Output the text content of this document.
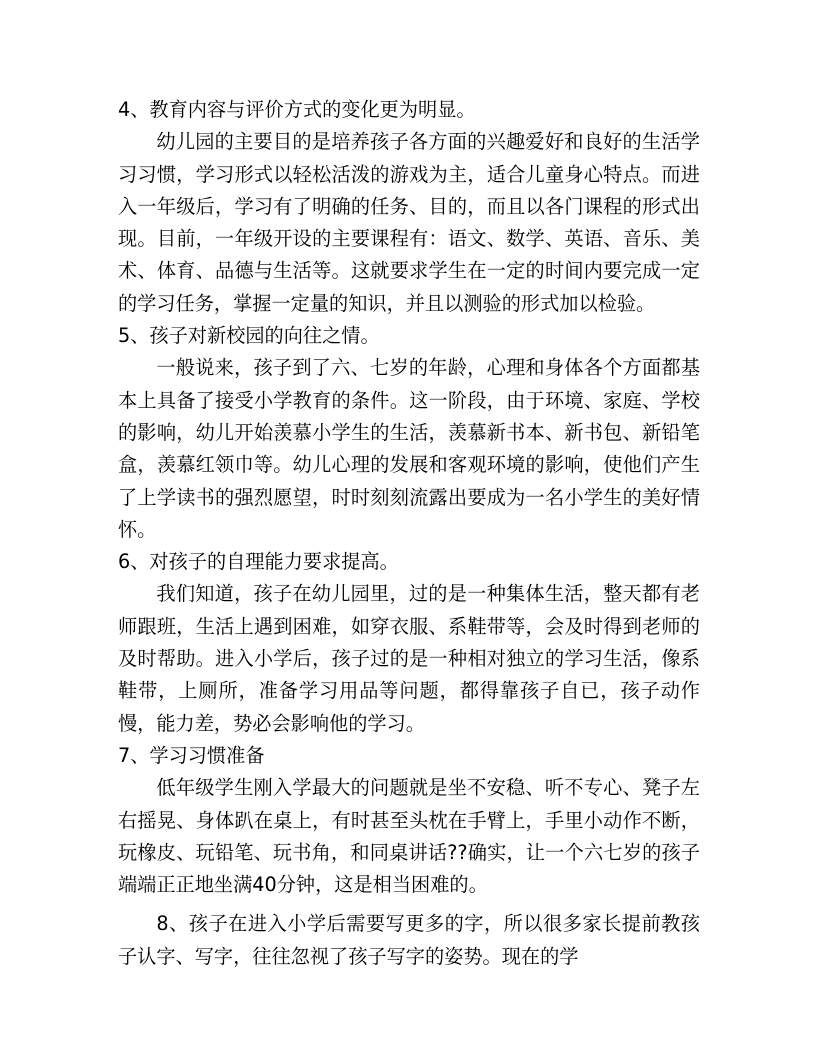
4、教育内容与评价方式的变化更为明显。

幼儿园的主要目的是培养孩子各方面的兴趣爱好和良好的生活学习习惯，学习形式以轻松活泼的游戏为主，适合儿童身心特点。而进入一年级后，学习有了明确的任务、目的，而且以各门课程的形式出现。目前，一年级开设的主要课程有：语文、数学、英语、音乐、美术、体育、品德与生活等。这就要求学生在一定的时间内要完成一定的学习任务，掌握一定量的知识，并且以测验的形式加以检验。

5、孩子对新校园的向往之情。

一般说来，孩子到了六、七岁的年龄，心理和身体各个方面都基本上具备了接受小学教育的条件。这一阶段，由于环境、家庭、学校的影响，幼儿开始羡慕小学生的生活，羡慕新书本、新书包、新铅笔盒，羡慕红领巾等。幼儿心理的发展和客观环境的影响，使他们产生了上学读书的强烈愿望，时时刻刻流露出要成为一名小学生的美好情怀。

6、对孩子的自理能力要求提高。

我们知道，孩子在幼儿园里，过的是一种集体生活，整天都有老师跟班，生活上遇到困难，如穿衣服、系鞋带等，会及时得到老师的及时帮助。进入小学后，孩子过的是一种相对独立的学习生活，像系鞋带，上厕所，准备学习用品等问题，都得靠孩子自已，孩子动作慢，能力差，势必会影响他的学习。

7、学习习惯准备

低年级学生刚入学最大的问题就是坐不安稳、听不专心、凳子左右摇晃、身体趴在桌上，有时甚至头枕在手臂上，手里小动作不断，玩橡皮、玩铅笔、玩书角，和同桌讲话??确实，让一个六七岁的孩子端端正正地坐满40分钟，这是相当困难的。

8、孩子在进入小学后需要写更多的字，所以很多家长提前教孩子认字、写字，往往忽视了孩子写字的姿势。现在的学
